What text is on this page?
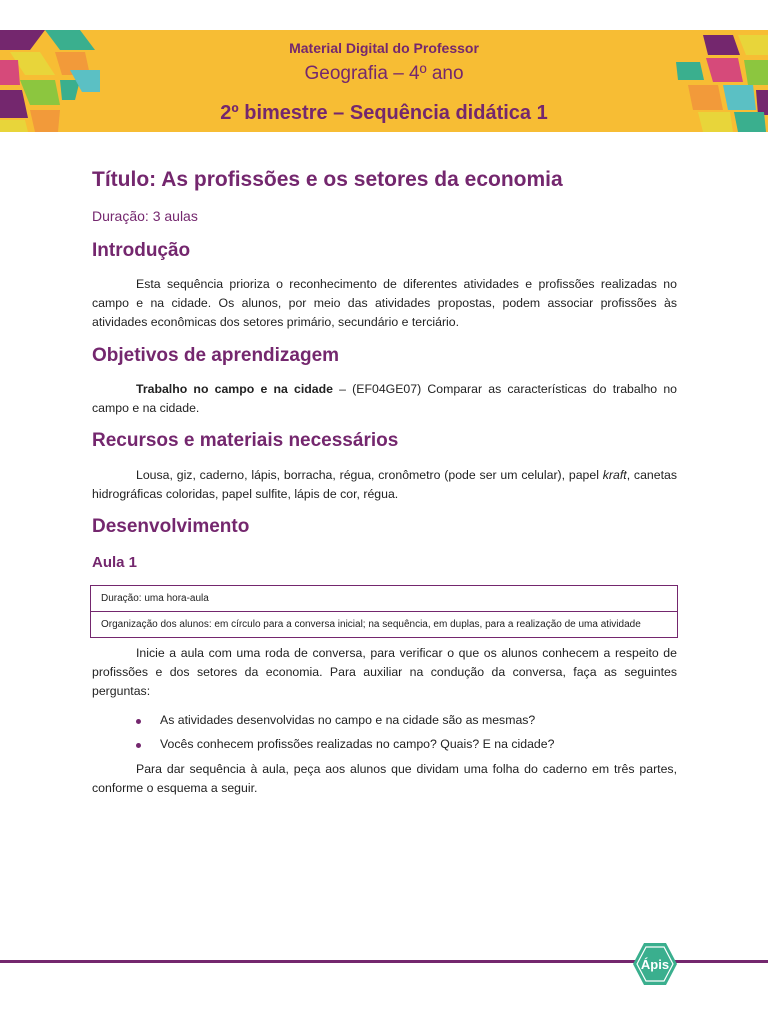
Material Digital do Professor
Geografia – 4º ano
2º bimestre – Sequência didática 1
Título: As profissões e os setores da economia
Duração: 3 aulas
Introdução

Esta sequência prioriza o reconhecimento de diferentes atividades e profissões realizadas no campo e na cidade. Os alunos, por meio das atividades propostas, podem associar profissões às atividades econômicas dos setores primário, secundário e terciário.

Objetivos de aprendizagem

Trabalho no campo e na cidade – (EF04GE07) Comparar as características do trabalho no campo e na cidade.

Recursos e materiais necessários

Lousa, giz, caderno, lápis, borracha, régua, cronômetro (pode ser um celular), papel kraft, canetas hidrográficas coloridas, papel sulfite, lápis de cor, régua.

Desenvolvimento
Aula 1
Duração: uma hora-aula
Organização dos alunos: em círculo para a conversa inicial; na sequência, em duplas, para a realização de uma atividade

Inicie a aula com uma roda de conversa, para verificar o que os alunos conhecem a respeito de profissões e dos setores da economia. Para auxiliar na condução da conversa, faça as seguintes perguntas:

As atividades desenvolvidas no campo e na cidade são as mesmas?
Vocês conhecem profissões realizadas no campo? Quais? E na cidade?

Para dar sequência à aula, peça aos alunos que dividam uma folha do caderno em três partes, conforme o esquema a seguir.

Ápis
